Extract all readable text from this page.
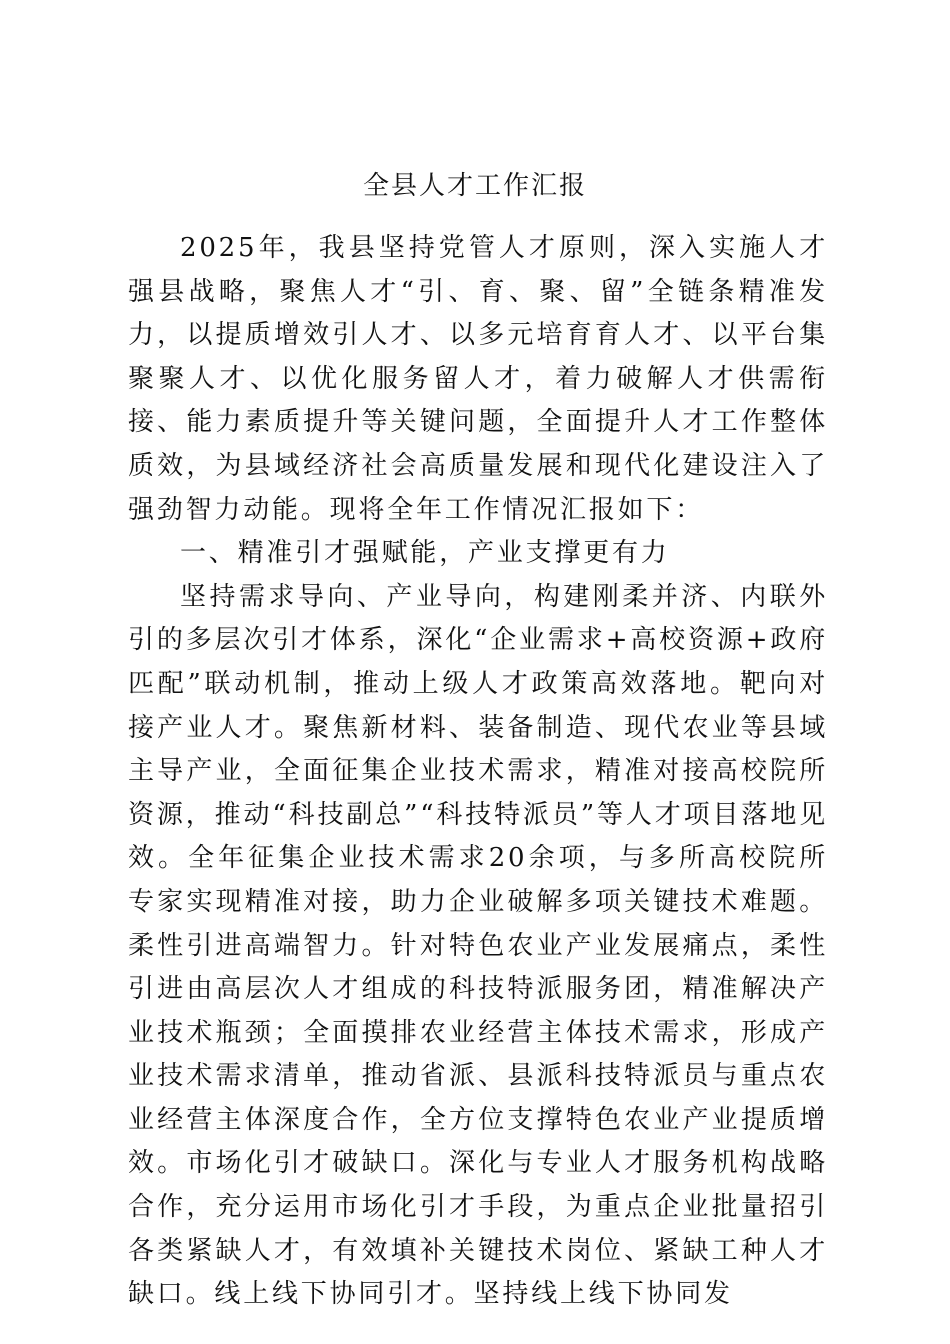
全县人才工作汇报

2025年，我县坚持党管人才原则，深入实施人才强县战略，聚焦人才“引、育、聚、留”全链条精准发力，以提质增效引人才、以多元培育育人才、以平台集聚聚人才、以优化服务留人才，着力破解人才供需衔接、能力素质提升等关键问题，全面提升人才工作整体质效，为县域经济社会高质量发展和现代化建设注入了强劲智力动能。现将全年工作情况汇报如下：

一、精准引才强赋能，产业支撑更有力

坚持需求导向、产业导向，构建刚柔并济、内联外引的多层次引才体系，深化“企业需求+高校资源+政府匹配”联动机制，推动上级人才政策高效落地。靶向对接产业人才。聚焦新材料、装备制造、现代农业等县域主导产业，全面征集企业技术需求，精准对接高校院所资源，推动“科技副总”“科技特派员”等人才项目落地见效。全年征集企业技术需求20余项，与多所高校院所专家实现精准对接，助力企业破解多项关键技术难题。柔性引进高端智力。针对特色农业产业发展痛点，柔性引进由高层次人才组成的科技特派服务团，精准解决产业技术瓶颈；全面摸排农业经营主体技术需求，形成产业技术需求清单，推动省派、县派科技特派员与重点农业经营主体深度合作，全方位支撑特色农业产业提质增效。市场化引才破缺口。深化与专业人才服务机构战略合作，充分运用市场化引才手段，为重点企业批量招引各类紧缺人才，有效填补关键技术岗位、紧缺工种人才缺口。线上线下协同引才。坚持线上线下协同发
